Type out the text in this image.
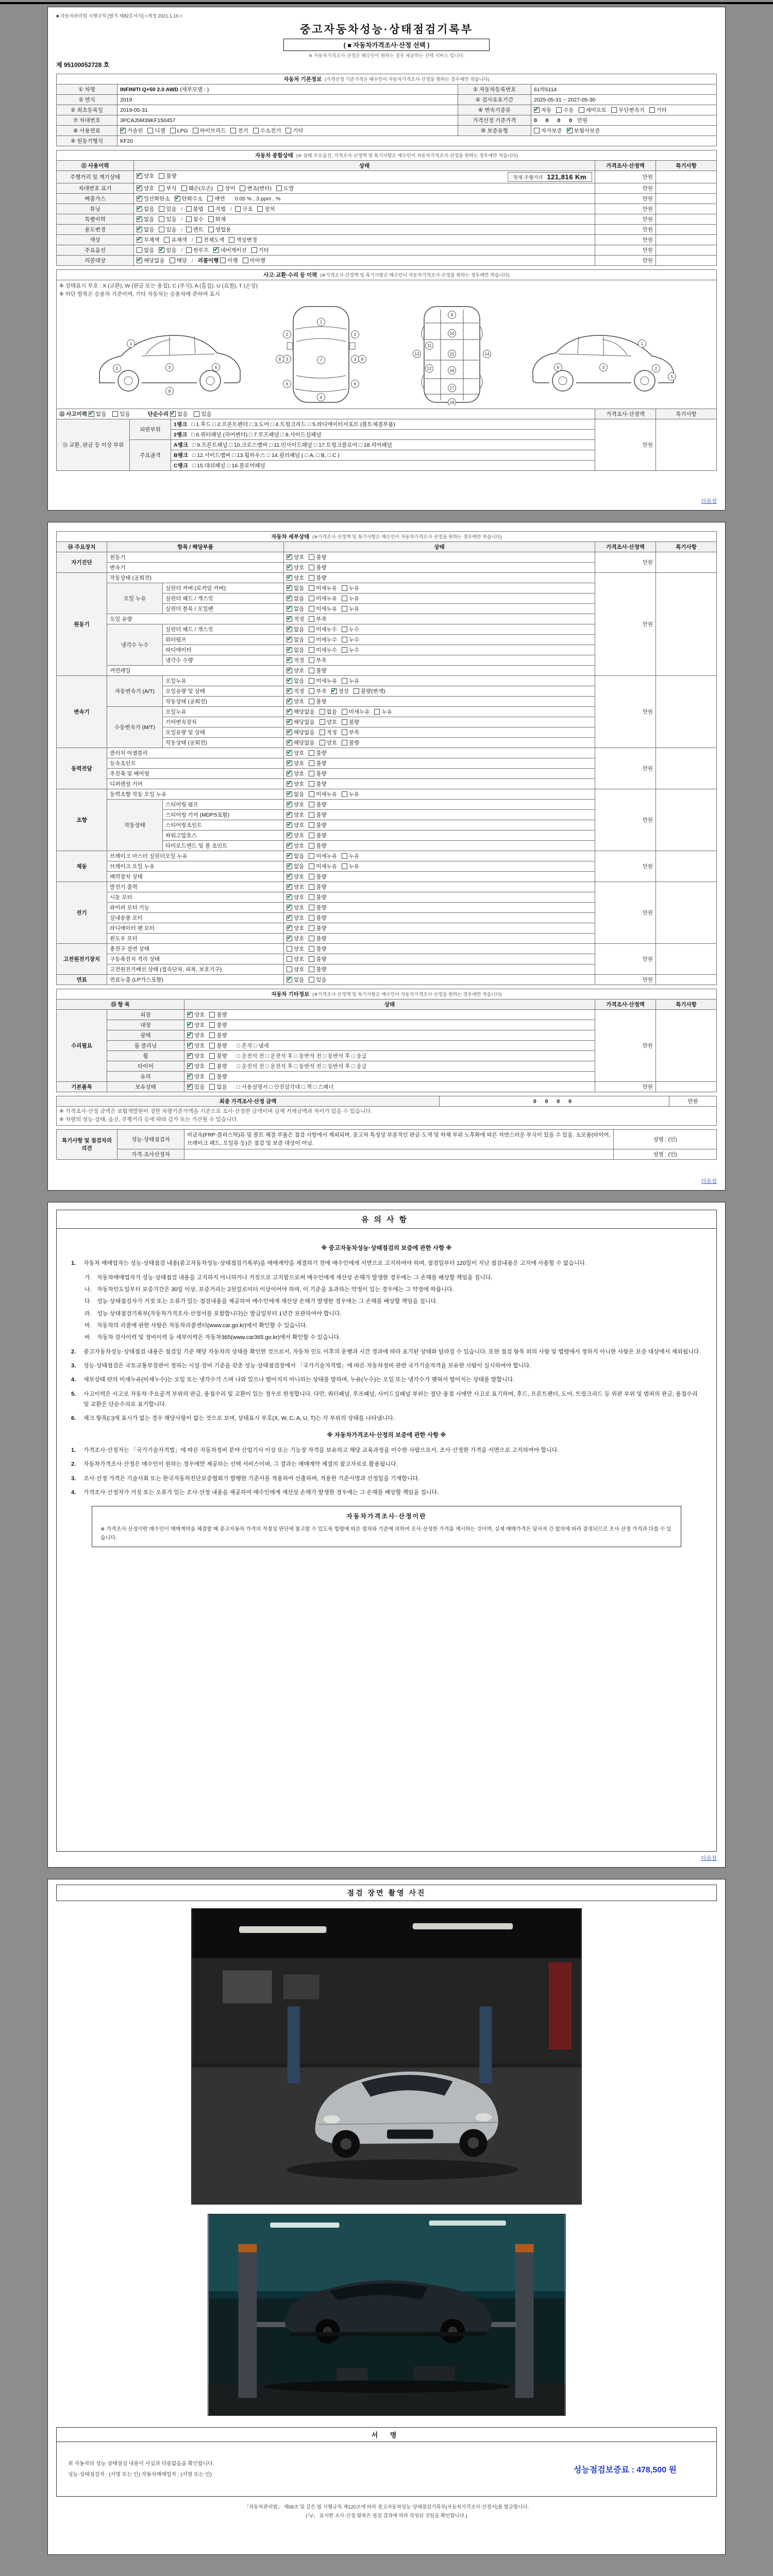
■ 자동차관리법 시행규칙 [별지 제82호서식] <개정 2021.1.19.>
중고자동차성능·상태점검기록부
( ■ 자동차가격조사·산정 선택 )
※ 자동차가격조사·산정은 매수인이 원하는 경우 제공하는 선택 서비스 입니다.
제 95100052728 호
자동차 기본정보 (가격산정 기준가격은 매수인이 자동차가격조사·산정을 원하는 경우에만 적습니다)			
① 차명	INFINITI Q+50 2.0 AWD (세부모델 : )	② 자동차등록번호	61하5114
③ 연식	2019	④ 검사유효기간	2025-05-31 ~ 2027-05-30
⑤ 최초등록일	2019-05-31	⑥ 변속기종류	✔자동 수동 세미오토 무단변속기 기타
⑦ 차대번호	3PCAJ5M39KF150457	가격산정 기준가격	0 0 0 0 만원
⑧ 사용연료	✔가솔린 디젤 LPG 하이브리드 전기 수소전기 기타	⑩ 보증유형	자가보증 ✔ 보험사보증
⑨ 원동기형식	KF20		
자동차 종합상태 (※ 상태·주요옵션, 가격조사·산정액 및 특기사항은 매수인이 자동차가격조사·산정을 원하는 경우에만 적습니다)			
⑪ 사용이력	상태	가격조사·산정액	특기사항
주행거리 및 계기상태	✔양호 불량 현재 주행거리 121,816 Km	만원	
차대번호 표기	✔양호 부식 훼손(오손) 상이 변조(변타) 도말	만원	
배출가스	✔일산화탄소 ✔ 탄화수소 매연 0.05 % , 3 ppm , %	만원	
튜닝	✔없음 있음 / 불법 적법 / 구조 장치	만원	
특별이력	✔없음 있음 / 침수 화재	만원	
용도변경	✔없음 있음 / 렌트 영업용	만원	
색상	✔무채색 유채색 / 전체도색 색상변경	만원	
주요옵션	없음 ✔ 있음 / 썬루프 ✔ 네비게이션 기타	만원	
리콜대상	✔해당없음 해당 / 리콜이행 이행 미이행	만원	
사고·교환·수리 등 이력 (※가격조사·산정액 및 특기사항은 매수인이 자동차가격조사·산정을 원하는 경우에만 적습니다)				

※ 상태표시 부호 : X (교환), W (판금 또는 용접), C (부식), A (흠집), U (요철), T (손상)
※ 하단 항목은 승용차 기준이며, 기타 자동차는 승용차에 준하여 표시
1
2	3	6
8
1
2	2
3	3
6	6
7
4
8	8
9
10
11
12
13	14
15
16
17
18
1
2
3
6
5

⑫ 사고이력 ✔없음 있음 단순수리 ✔없음 있음			가격조사·산정액	특기사항
⑬ 교환, 판금 등 이상 부위	외판부위	1랭크 □ 1.후드 □ 2.프론트펜더 □ 3.도어 □ 4.트렁크리드 □ 5.라디에이터서포트 (볼트체결부품)	만원	
		2랭크 □ 6.쿼터패널 (리어펜더) □ 7.루프패널 □ 8.사이드실패널		
	주요골격	A랭크 □ 9.프론트패널 □ 10.크로스멤버 □ 11.인사이드패널 □ 17.트렁크플로어 □ 18.리어패널		
		B랭크 □ 12.사이드멤버 □ 13.휠하우스 □ 14.필러패널 ( □ A, □ B, □ C )		
		C랭크 □ 15.대쉬패널 □ 16.플로어패널		
다음장
자동차 세부상태 (※가격조사·산정액 및 특기사항은 매수인이 자동차가격조사·산정을 원하는 경우에만 적습니다)					
⑭ 주요장치	항목 / 해당부품		상태	가격조사·산정액	특기사항
자기진단	원동기	✔양호 불량	만원	
	변속기	✔양호 불량
원동기	작동상태 (공회전)	✔양호 불량	만원	
	오일 누유	실린더 커버 (로커암 커버)	✔없음 미세누유 누유
		실린더 헤드 / 개스킷	✔없음 미세누유 누유
		실린더 블록 / 오일팬	✔없음 미세누유 누유
	오일 유량	✔적정 부족
	냉각수 누수	실린더 헤드 / 개스킷	✔없음 미세누수 누수
		워터펌프	✔없음 미세누수 누수
		라디에이터	✔없음 미세누수 누수
		냉각수 수량	✔적정 부족
	커먼레일	✔양호 불량
변속기	자동변속기 (A/T)	오일누유	✔없음 미세누유 누유	만원	
		오일유량 및 상태	✔적정 부족 ✔ 정상 불량(변색)
		작동상태 (공회전)	✔양호 불량
	수동변속기 (M/T)	오일누유	✔해당없음 없음 미세누유 누유
		기어변속장치	✔해당없음 양호 불량
		오일유량 및 상태	✔해당없음 적정 부족
		작동상태 (공회전)	✔해당없음 양호 불량
동력전달	클러치 어셈블리	✔양호 불량	만원	
	등속조인트	✔양호 불량
	추진축 및 베어링	✔양호 불량
	디퍼렌셜 기어	✔양호 불량
조향	동력조향 작동 오일 누유	✔없음 미세누유 누유	만원	
	작동상태	스티어링 펌프	✔양호 불량
		스티어링 기어 (MDPS포함)	✔양호 불량
		스티어링조인트	✔양호 불량
		파워고압호스	✔양호 불량
		타이로드엔드 및 볼 조인트	✔양호 불량
제동	브레이크 마스터 실린더오일 누유	✔없음 미세누유 누유	만원	
	브레이크 오일 누유	✔없음 미세누유 누유
	배력장치 상태	✔양호 불량
전기	발전기 출력	✔양호 불량	만원	
	시동 모터	✔양호 불량
	와이퍼 모터 기능	✔양호 불량
	실내송풍 모터	✔양호 불량
	라디에이터 팬 모터	✔양호 불량
	윈도우 모터	✔양호 불량
고전원전기장치	충전구 절연 상태		양호 불량	만원	
	구동축전지 격리 상태		양호 불량		
	고전원전기배선 상태 (접속단자, 피복, 보호기구)		양호 불량		
연료	연료누출 (LP가스포함)	✔없음 있음	만원	
자동차 기타정보 (※가격조사·산정액 및 특기사항은 매수인이 자동차가격조사·산정을 원하는 경우에만 적습니다)				
⑮ 항 목		상태	가격조사·산정액	특기사항
수리필요	외장	✔양호 불량	만원	
	내장	✔양호 불량
	광택	✔양호 불량
	룸 클리닝	✔양호 불량 □ 흔적 □ 냄새
	휠	✔양호 불량 □ 운전석 전 □ 운전석 후 □ 동반석 전 □ 동반석 후 □ 응급
	타이어	✔양호 불량 □ 운전석 전 □ 운전석 후 □ 동반석 전 □ 동반석 후 □ 응급
	유리	✔양호 불량
기본품목	보유상태	✔있음 없음 □ 사용설명서 □ 안전삼각대 □ 잭 □ 스패너	만원	
최종 가격조사·산정 금액	0 0 0 0	만원

※ 가격조사·산정 금액은 보험개발원이 정한 차량기준가액을 기준으로 조사·산정한 금액이며 실제 거래금액과 차이가 있을 수 있습니다.
※ 차량의 성능·상태, 옵션, 주행거리 등에 따라 감가 또는 가산될 수 있습니다.
특기사항 및 점검자의 의견	성능·상태점검자	비금속(FRP·플라스틱)류 및 볼트 체결 부품은 점검 사항에서 제외되며, 중고차 특성상 부분적인 판금·도색 및 하체 부위 노후화에 따른 자연스러운 부식이 있을 수 있음. 소모품(타이어, 브레이크 패드, 오일류 등)은 점검 및 보증 대상이 아님.	성명 : (인)
	가격·조사산정자		성명 : (인)
다음장
유의사항
※ 중고자동차성능·상태점검의 보증에 관한 사항 ※
1.	자동차 매매업자는 성능·상태점검 내용(중고자동차성능·상태점검기록부)을 매매계약을 체결하기 전에 매수인에게 서면으로 고지하여야 하며, 점검일부터 120일이 지난 점검내용은 고지에 사용할 수 없습니다.
가. 자동차매매업자가 성능·상태점검 내용을 고지하지 아니하거나 거짓으로 고지함으로써 매수인에게 재산상 손해가 발생한 경우에는 그 손해를 배상할 책임을 집니다.
나. 자동차인도일부터 보증기간은 30일 이상, 보증거리는 2천킬로미터 이상이어야 하며, 이 기준을 초과하는 약정이 있는 경우에는 그 약정에 따릅니다.
다. 성능·상태점검자가 거짓 또는 오류가 있는 점검내용을 제공하여 매수인에게 재산상 손해가 발생한 경우에는 그 손해를 배상할 책임을 집니다.
라. 성능·상태점검기록부(자동차가격조사·산정서를 포함합니다)는 발급일부터 1년간 보관하여야 합니다.
마. 자동차의 리콜에 관한 사항은 자동차리콜센터(www.car.go.kr)에서 확인할 수 있습니다.
바. 자동차 검사이력 및 정비이력 등 세부이력은 자동차365(www.car365.go.kr)에서 확인할 수 있습니다.
2.	중고자동차성능·상태점검 내용은 점검일 기준 해당 자동차의 상태를 확인한 것으로서, 자동차 인도 이후의 운행과 시간 경과에 따라 표기된 상태와 달라질 수 있습니다. 또한 점검 항목 외의 사항 및 법령에서 정하지 아니한 사항은 보증 대상에서 제외됩니다.
3.	성능·상태점검은 국토교통부장관이 정하는 시설·장비 기준을 갖춘 성능·상태점검장에서 「국가기술자격법」에 따른 자동차정비 관련 국가기술자격을 보유한 사람이 실시하여야 합니다.
4.	세부상태 란의 미세누유(미세누수)는 오일 또는 냉각수가 스며 나와 있으나 떨어지지 아니하는 상태를 말하며, 누유(누수)는 오일 또는 냉각수가 맺혀서 떨어지는 상태를 말합니다.
5.	사고이력은 사고로 자동차 주요골격 부위의 판금, 용접수리 및 교환이 있는 경우로 한정합니다. 다만, 쿼터패널, 루프패널, 사이드실패널 부위는 절단·용접 시에만 사고로 표기하며, 후드, 프론트펜더, 도어, 트렁크리드 등 외판 부위 및 범퍼의 판금, 용접수리 및 교환은 단순수리로 표기합니다.
6.	체크 항목(□)에 표시가 없는 경우 해당사항이 없는 것으로 보며, 상태표시 부호(X, W, C, A, U, T)는 각 부위의 상태를 나타냅니다.
※ 자동차가격조사·산정의 보증에 관한 사항 ※
1.	가격조사·산정자는 「국가기술자격법」에 따른 자동차정비 분야 산업기사 이상 또는 기능장 자격을 보유하고 해당 교육과정을 이수한 사람으로서, 조사·산정한 가격을 서면으로 고지하여야 합니다.
2.	자동차가격조사·산정은 매수인이 원하는 경우에만 제공하는 선택 서비스이며, 그 결과는 매매계약 체결의 참고자료로 활용됩니다.
3.	조사·산정 가격은 기술사회 또는 한국자동차진단보증협회가 발행한 기준서를 적용하여 산출하며, 적용한 기준서명과 산정일을 기재합니다.
4.	가격조사·산정자가 거짓 또는 오류가 있는 조사·산정 내용을 제공하여 매수인에게 재산상 손해가 발생한 경우에는 그 손해를 배상할 책임을 집니다.
자동차가격조사·산정이란
※ 가격조사·산정이란 매수인이 매매계약을 체결할 때 중고자동차 가격의 적절성 판단에 참고할 수 있도록 법령에 따른 절차와 기준에 의하여 조사·산정한 가격을 제시하는 것이며, 실제 매매가격은 당사자 간 합의에 따라 결정되므로 조사·산정 가격과 다를 수 있습니다.
다음장
점검 장면 촬영 사진
서 명
위 자동차의 성능·상태점검 내용이 사실과 다름없음을 확인합니다.
성능·상태점검자 : (서명 또는 인) 자동차매매업자 : (서명 또는 인)	성능점검보증료 : 478,500 원
「자동차관리법」 제58조 및 같은 법 시행규칙 제120조에 따라 중고자동차성능·상태점검기록부(자동차가격조사·산정서)를 발급합니다.
(「V」 표시한 조사·산정 항목은 점검 결과에 따라 작성된 것임을 확인합니다.)
